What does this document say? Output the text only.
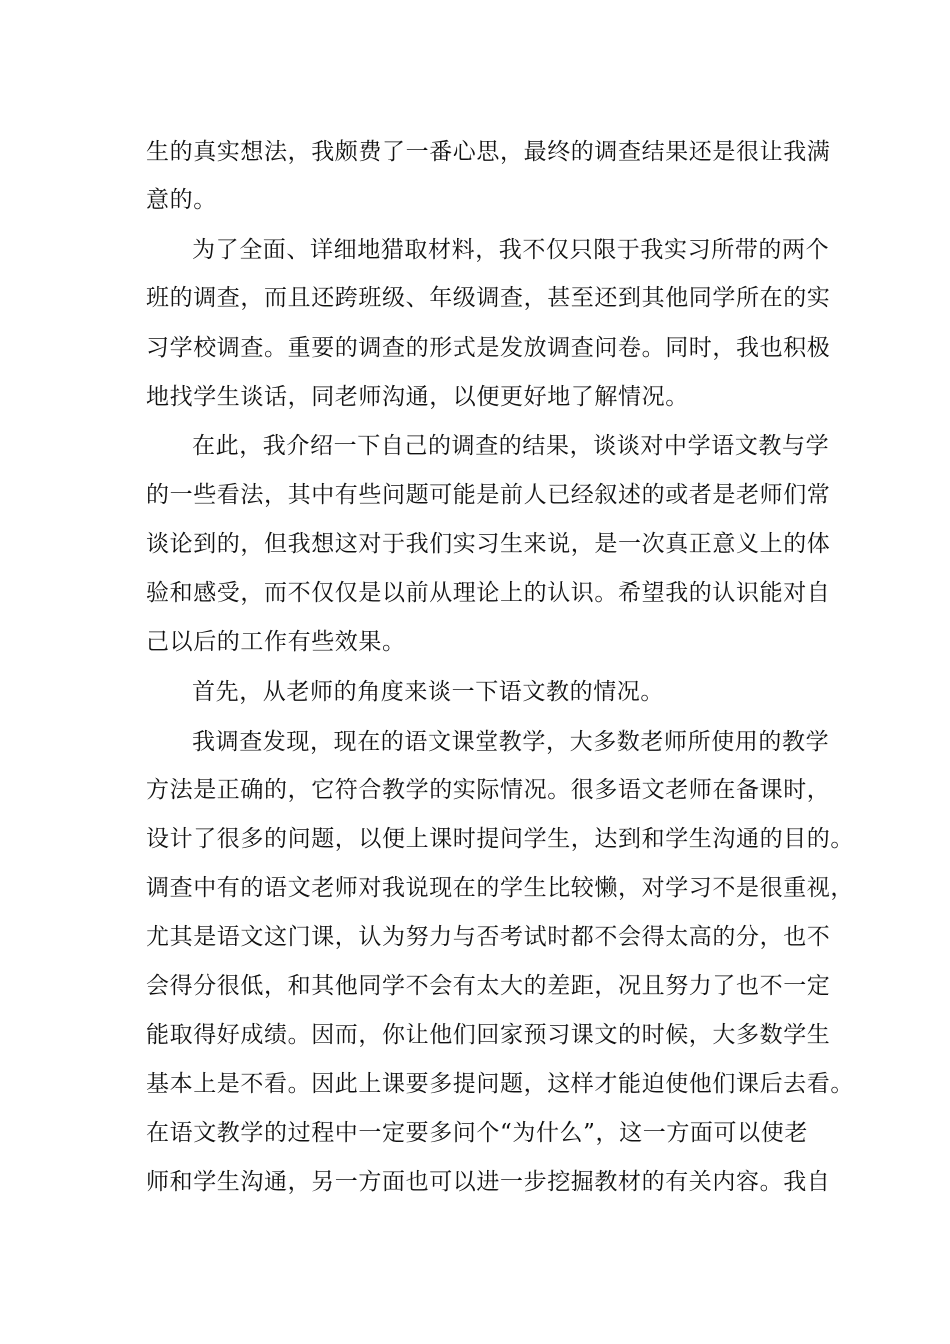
生的真实想法，我颇费了一番心思，最终的调查结果还是很让我满
意的。
为了全面、详细地猎取材料，我不仅只限于我实习所带的两个
班的调查，而且还跨班级、年级调查，甚至还到其他同学所在的实
习学校调查。重要的调查的形式是发放调查问卷。同时，我也积极
地找学生谈话，同老师沟通，以便更好地了解情况。
在此，我介绍一下自己的调查的结果，谈谈对中学语文教与学
的一些看法，其中有些问题可能是前人已经叙述的或者是老师们常
谈论到的，但我想这对于我们实习生来说，是一次真正意义上的体
验和感受，而不仅仅是以前从理论上的认识。希望我的认识能对自
己以后的工作有些效果。
首先，从老师的角度来谈一下语文教的情况。
我调查发现，现在的语文课堂教学，大多数老师所使用的教学
方法是正确的，它符合教学的实际情况。很多语文老师在备课时，
设计了很多的问题，以便上课时提问学生，达到和学生沟通的目的。
调查中有的语文老师对我说现在的学生比较懒，对学习不是很重视，
尤其是语文这门课，认为努力与否考试时都不会得太高的分，也不
会得分很低，和其他同学不会有太大的差距，况且努力了也不一定
能取得好成绩。因而，你让他们回家预习课文的时候，大多数学生
基本上是不看。因此上课要多提问题，这样才能迫使他们课后去看。
在语文教学的过程中一定要多问个“为什么”，这一方面可以使老
师和学生沟通，另一方面也可以进一步挖掘教材的有关内容。我自
